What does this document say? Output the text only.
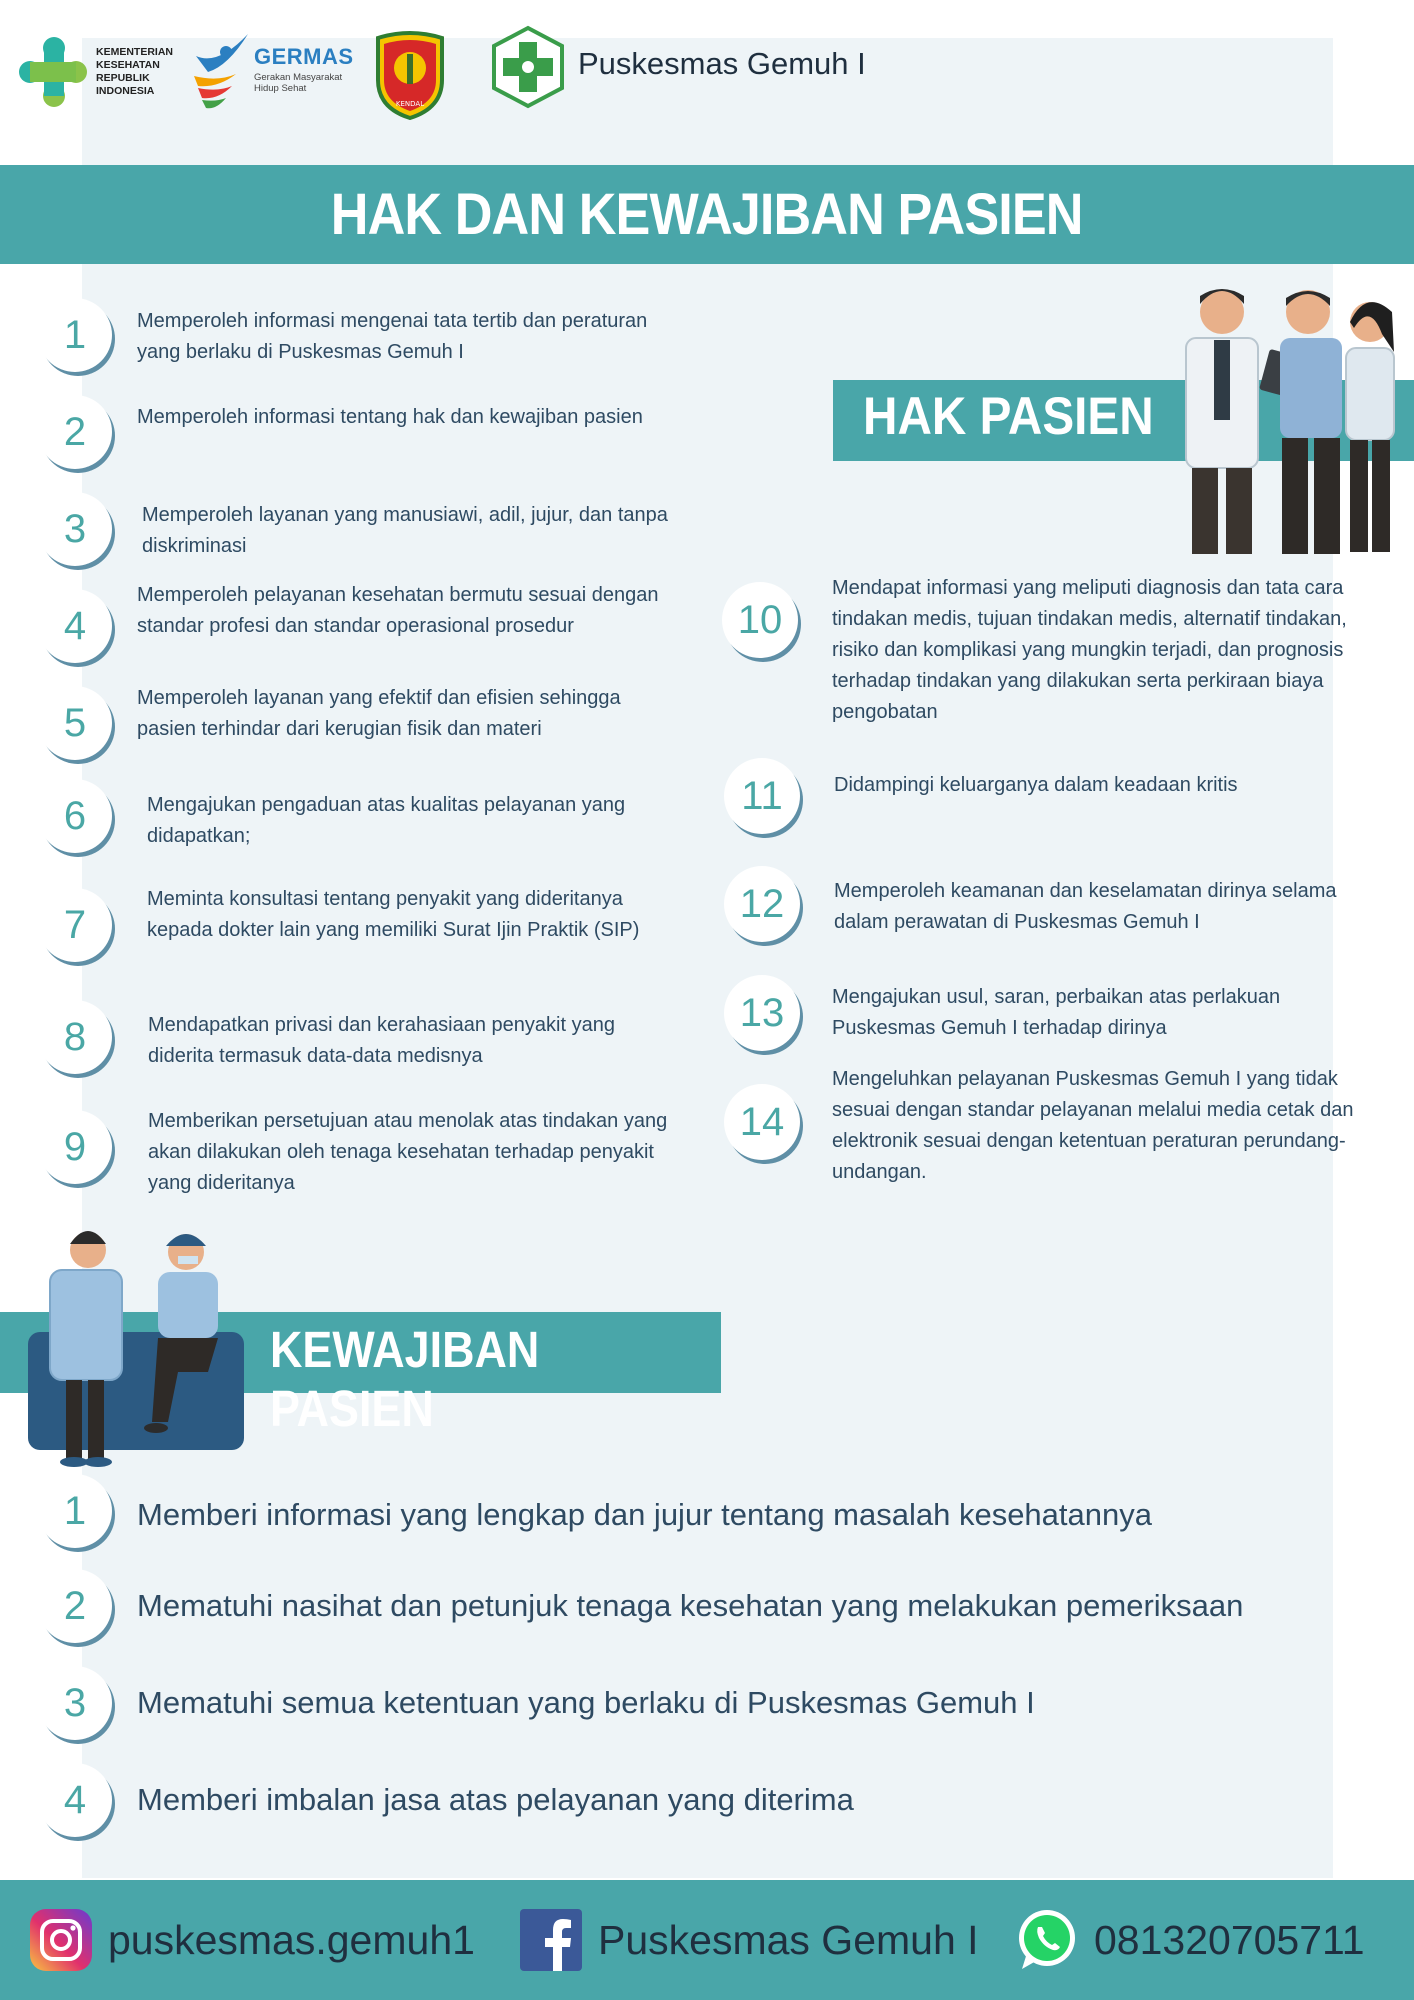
KEMENTERIAN
KESEHATAN
REPUBLIK
INDONESIA
GERMAS
Gerakan Masyarakat
Hidup Sehat
KENDAL
Puskesmas Gemuh I
HAK DAN KEWAJIBAN PASIEN
HAK PASIEN
1	Memperoleh informasi mengenai tata tertib dan peraturan yang berlaku di Puskesmas Gemuh I
2	Memperoleh informasi tentang hak dan kewajiban pasien
3	Memperoleh layanan yang manusiawi, adil, jujur, dan tanpa diskriminasi
4
Memperoleh pelayanan kesehatan bermutu sesuai dengan standar profesi dan standar operasional prosedur
5
Memperoleh layanan yang efektif dan efisien sehingga pasien terhindar dari kerugian fisik dan materi
6	Mengajukan pengaduan atas kualitas pelayanan yang didapatkan;
7
Meminta konsultasi tentang penyakit yang dideritanya kepada dokter lain yang memiliki Surat Ijin Praktik (SIP)
8	Mendapatkan privasi dan kerahasiaan penyakit yang diderita termasuk data-data medisnya
9
Memberikan persetujuan atau menolak atas tindakan yang akan dilakukan oleh tenaga kesehatan terhadap penyakit yang dideritanya
10
Mendapat informasi yang meliputi diagnosis dan tata cara tindakan medis, tujuan tindakan medis, alternatif tindakan, risiko dan komplikasi yang mungkin terjadi, dan prognosis terhadap tindakan yang dilakukan serta perkiraan biaya pengobatan
11	Didampingi keluarganya dalam keadaan kritis
12	Memperoleh keamanan dan keselamatan dirinya selama dalam perawatan di Puskesmas Gemuh I
13	Mengajukan usul, saran, perbaikan atas perlakuan Puskesmas Gemuh I terhadap dirinya
14
Mengeluhkan pelayanan Puskesmas Gemuh I yang tidak sesuai dengan standar pelayanan melalui media cetak dan elektronik sesuai dengan ketentuan peraturan perundang-undangan.
KEWAJIBAN PASIEN
1	Memberi informasi yang lengkap dan jujur tentang masalah kesehatannya
2	Mematuhi nasihat dan petunjuk tenaga kesehatan yang melakukan pemeriksaan
3	Mematuhi semua ketentuan yang berlaku di Puskesmas Gemuh I
4	Memberi imbalan jasa atas pelayanan yang diterima
puskesmas.gemuh1	Puskesmas Gemuh I	081320705711
